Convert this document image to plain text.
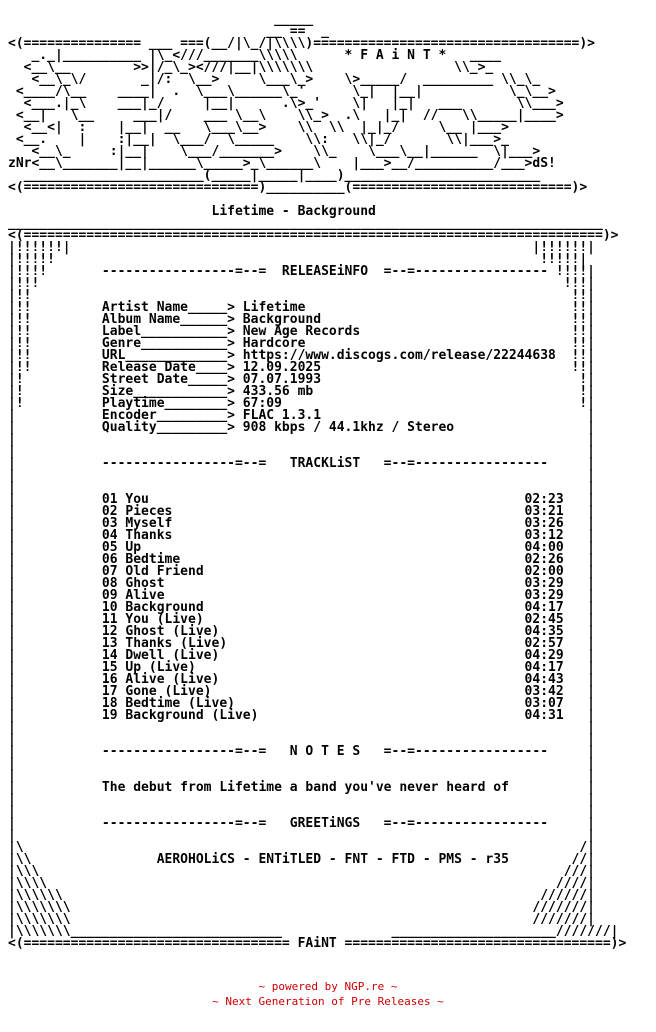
_____
__ ==  _
<(=============== ___ ===(__/|\_/|\\\\)==================================)>
_._|__________ |\_<///_______\\\\\      * F A i N T *   ____
<__\__        >>|/_\_><///|__|\\\\\\\                  \\_>_
<__\_\/       _|/:  \__>     \___\_>    \>_____/  _________ \\_\_
<____/\__    ____|  .  \___\______\_'      \_|  |__|           \_\__>
<___.|_\    ___|_/     |__|      .\>_'    \|   |_|   ___       \\___>
<__|   \__     ___|/    ___ \__\    \\_>  .\   |_|  //   \\_____|____>
<__<|  :    |__|  __   \___\__>    \\  \\  |_|_/     \__ |___>
<__.    |    :|__|  \___/  \_____    \\:   \\|_/       \\|___>_
<__\_     :|__|    \___/_______>    \\_    \___\__|______  \|___>
zNr<__\_______|__|______\_____>_\______\    |___>__/__________/___>dS!
_______________________(_____|_____|____)_________________________
<(==============================)__________(============================)>

Lifetime - Background
____________________________________________________________________________
<(==========================================================================)>
|!!!!!!|                                                           |!!!!!!|
|!!!!!                                                              !!!!!|
|!!!!       -----------------=--=  RELEASEiNFO  =--=----------------- !!!!|
|!!!                                                                   !!!|
|!!                                                                     !!|
|!!         Artist Name_____> Lifetime                                  !!|
|!!         Album Name______> Background                                !!|
|!!         Label___________> New Age Records                           !!|
|!!         Genre___________> Hardcore                                  !!|
|!!         URL_____________> https://www.discogs.com/release/22244638  !!|
|!!         Release Date____> 12.09.2025                                !!|
|!          Street Date_____> 07.07.1993                                 !|
|!          Size____________> 433.56 mb                                  !|
|!          Playtime________> 67:09                                      !|
|           Encoder_________> FLAC 1.3.1                                  |
|           Quality_________> 908 kbps / 44.1khz / Stereo                 |
|                                                                         |
|                                                                         |
|           -----------------=--=   TRACKLiST   =--=-----------------     |
|                                                                         |
|                                                                         |
|           01 You                                                02:23   |
|           02 Pieces                                             03:21   |
|           03 Myself                                             03:26   |
|           04 Thanks                                             03:12   |
|           05 Up                                                 04:00   |
|           06 Bedtime                                            02:26   |
|           07 Old Friend                                         02:00   |
|           08 Ghost                                              03:29   |
|           09 Alive                                              03:29   |
|           10 Background                                         04:17   |
|           11 You (Live)                                         02:45   |
|           12 Ghost (Live)                                       04:35   |
|           13 Thanks (Live)                                      02:57   |
|           14 Dwell (Live)                                       04:29   |
|           15 Up (Live)                                          04:17   |
|           16 Alive (Live)                                       04:43   |
|           17 Gone (Live)                                        03:42   |
|           18 Bedtime (Live)                                     03:07   |
|           19 Background (Live)                                  04:31   |
|                                                                         |
|                                                                         |
|           -----------------=--=   N O T E S   =--=-----------------     |
|                                                                         |
|                                                                         |
|           The debut from Lifetime a band you've never heard of          |
|                                                                         |
|                                                                         |
|           -----------------=--=   GREETiNGS   =--=-----------------     |
|                                                                         |
|\                                                                       /|
|\\                AEROHOLiCS - ENTiTLED - FNT - FTD - PMS - r35        //|
|\\\                                                                   ///|
|\\\\                                                                 ////|
|\\\\\\                                                             //////|
|\\\\\\\                                                           ///////|
|\\\\\\\                                                           ///////|
|\\\\\\\___________________________              _____________________///////|
<(================================== FAiNT ==================================)>

~ powered by NGP.re ~
~ Next Generation of Pre Releases ~
